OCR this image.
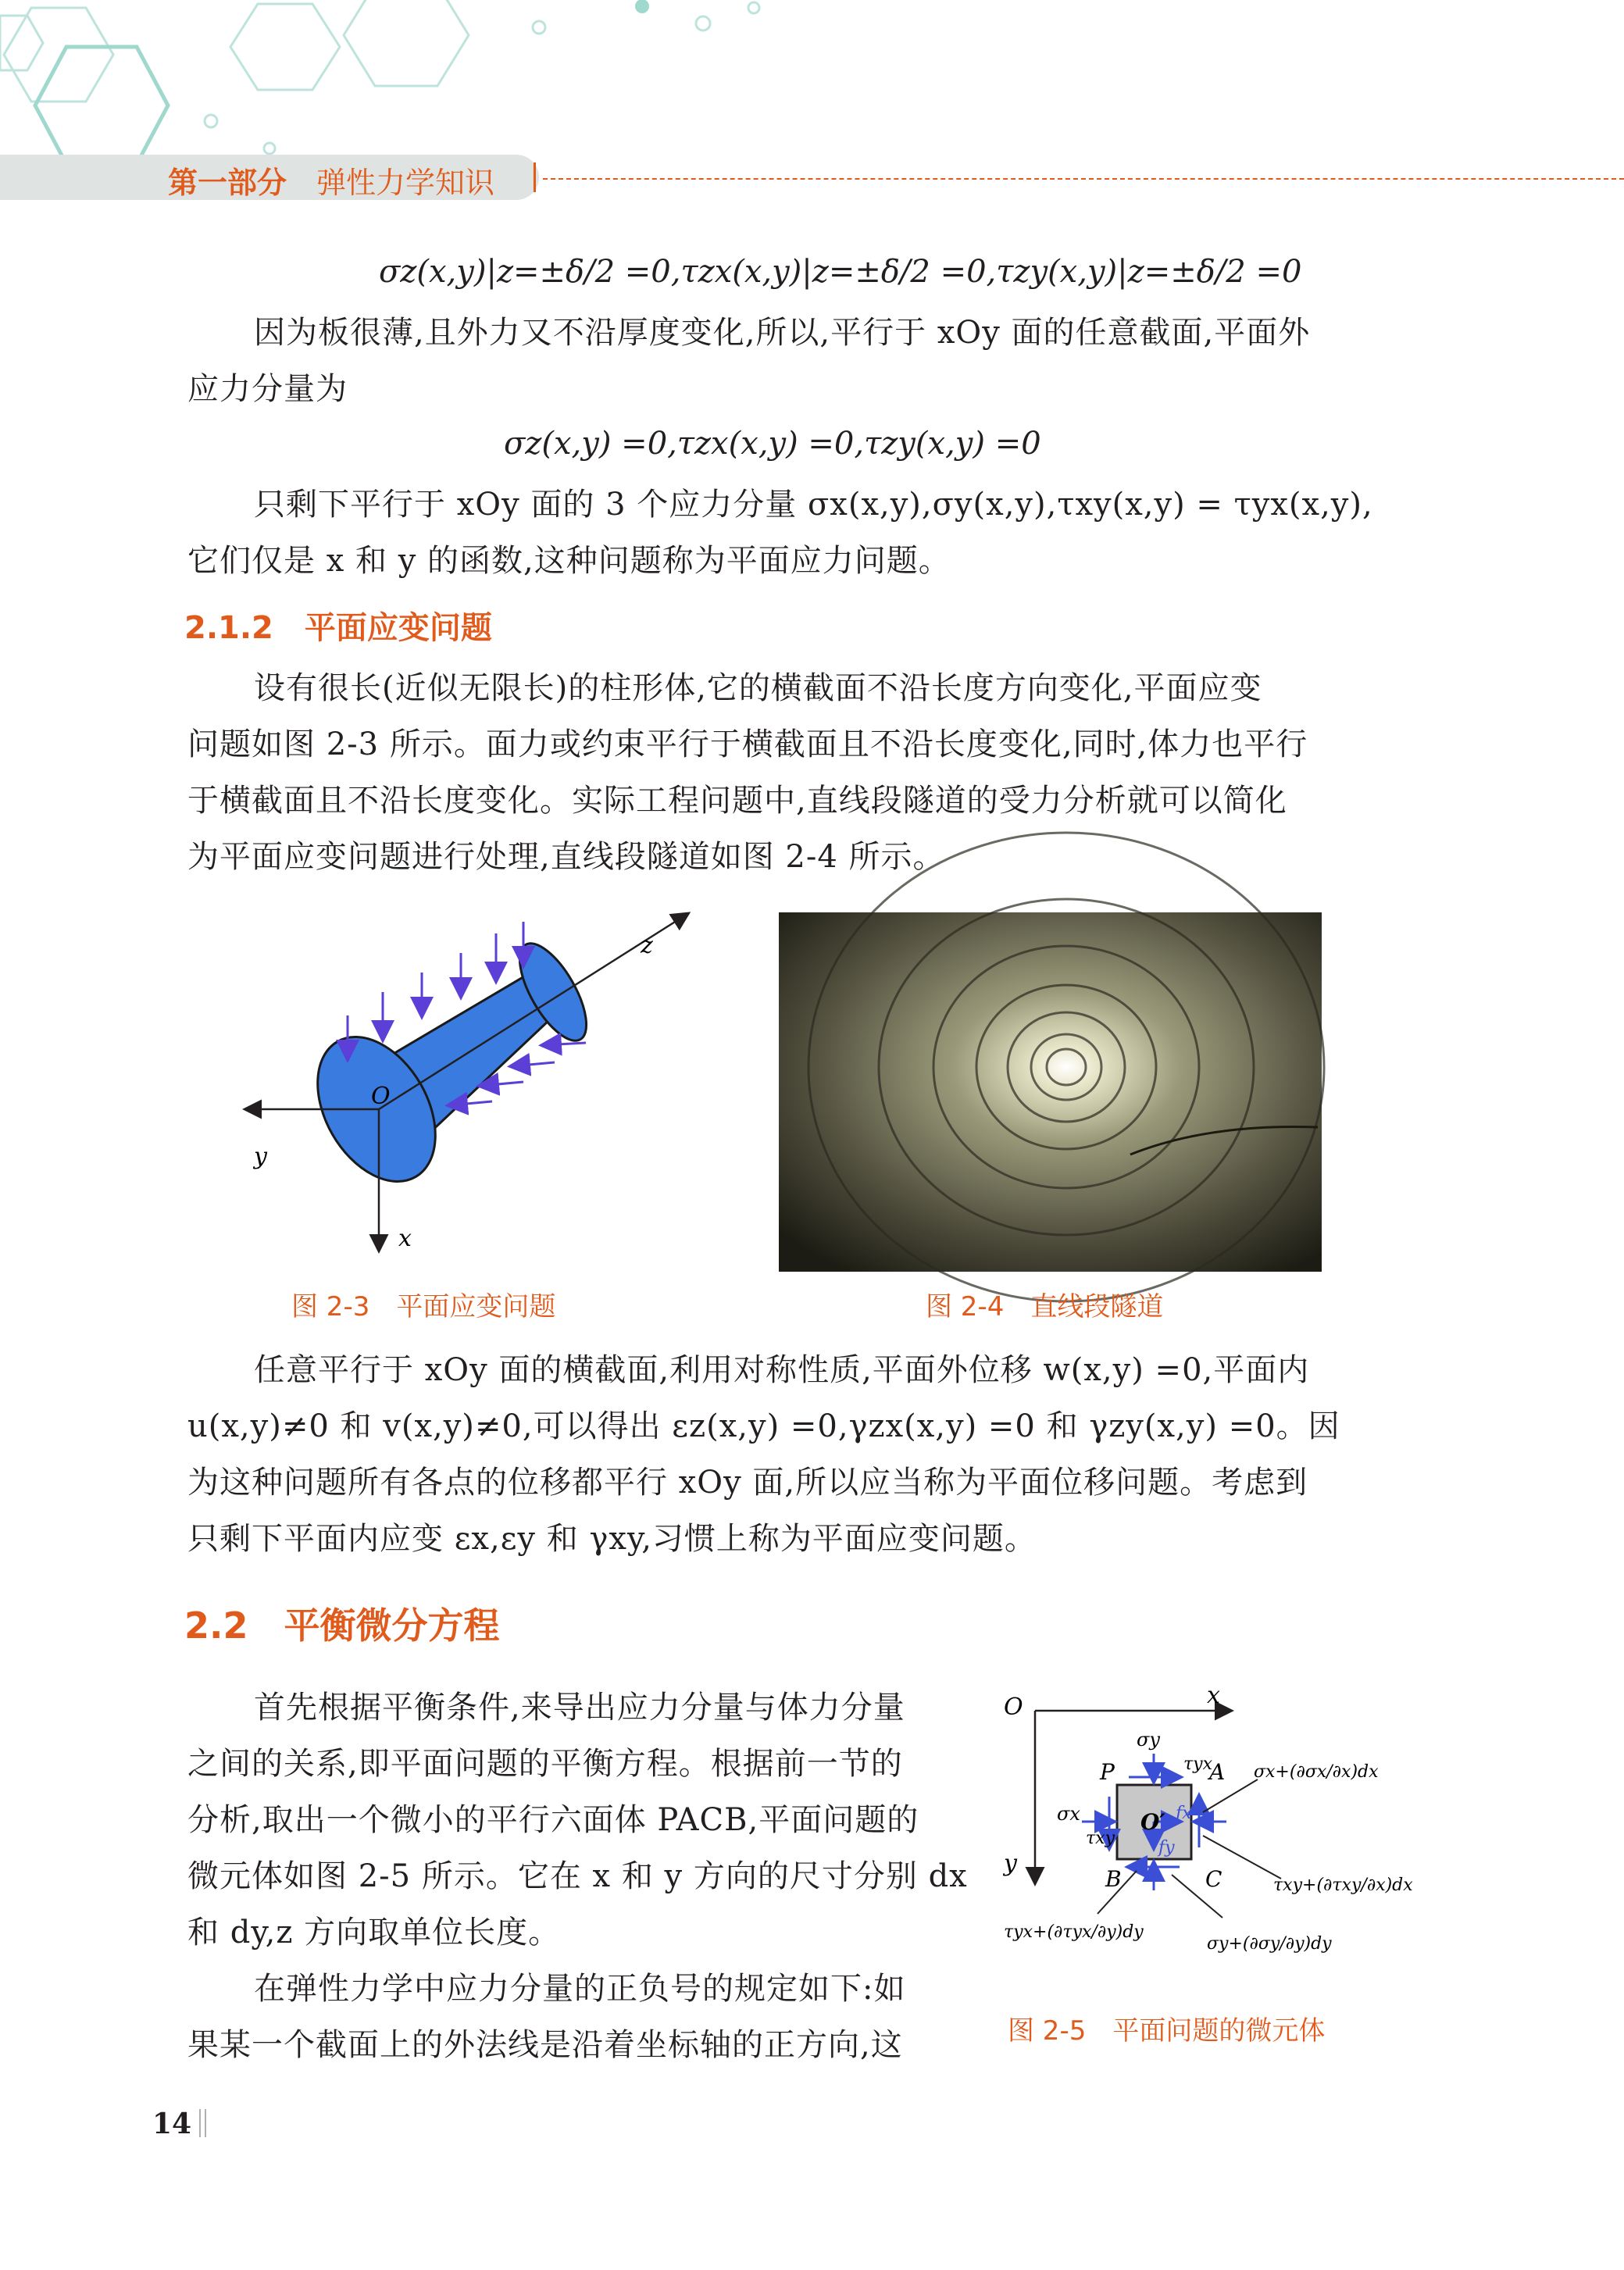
第一部分 弹性力学知识
σz(x,y)|z=±δ/2 =0,τzx(x,y)|z=±δ/2 =0,τzy(x,y)|z=±δ/2 =0
因为板很薄,且外力又不沿厚度变化,所以,平行于 xOy 面的任意截面,平面外
应力分量为
σz(x,y) =0,τzx(x,y) =0,τzy(x,y) =0
只剩下平行于 xOy 面的 3 个应力分量 σx(x,y),σy(x,y),τxy(x,y) = τyx(x,y),
它们仅是 x 和 y 的函数,这种问题称为平面应力问题。
2.1.2　平面应变问题
设有很长(近似无限长)的柱形体,它的横截面不沿长度方向变化,平面应变
问题如图 2-3 所示。面力或约束平行于横截面且不沿长度变化,同时,体力也平行
于横截面且不沿长度变化。实际工程问题中,直线段隧道的受力分析就可以简化
为平面应变问题进行处理,直线段隧道如图 2-4 所示。
z
y
x
O
图 2-3　平面应变问题	图 2-4　直线段隧道
任意平行于 xOy 面的横截面,利用对称性质,平面外位移 w(x,y) =0,平面内
u(x,y)≠0 和 v(x,y)≠0,可以得出 εz(x,y) =0,γzx(x,y) =0 和 γzy(x,y) =0。因
为这种问题所有各点的位移都平行 xOy 面,所以应当称为平面位移问题。考虑到
只剩下平面内应变 εx,εy 和 γxy,习惯上称为平面应变问题。
2.2　平衡微分方程
首先根据平衡条件,来导出应力分量与体力分量
之间的关系,即平面问题的平衡方程。根据前一节的
分析,取出一个微小的平行六面体 PACB,平面问题的
微元体如图 2-5 所示。它在 x 和 y 方向的尺寸分别 dx
和 dy,z 方向取单位长度。
在弹性力学中应力分量的正负号的规定如下:如
果某一个截面上的外法线是沿着坐标轴的正方向,这
O	x
y
P	A
B	C
O′
σy
τyx
σx
τxy
fx
fy
σx+(∂σx/∂x)dx
τxy+(∂τxy/∂x)dx
τyx+(∂τyx/∂y)dy
σy+(∂σy/∂y)dy
图 2-5　平面问题的微元体
14
